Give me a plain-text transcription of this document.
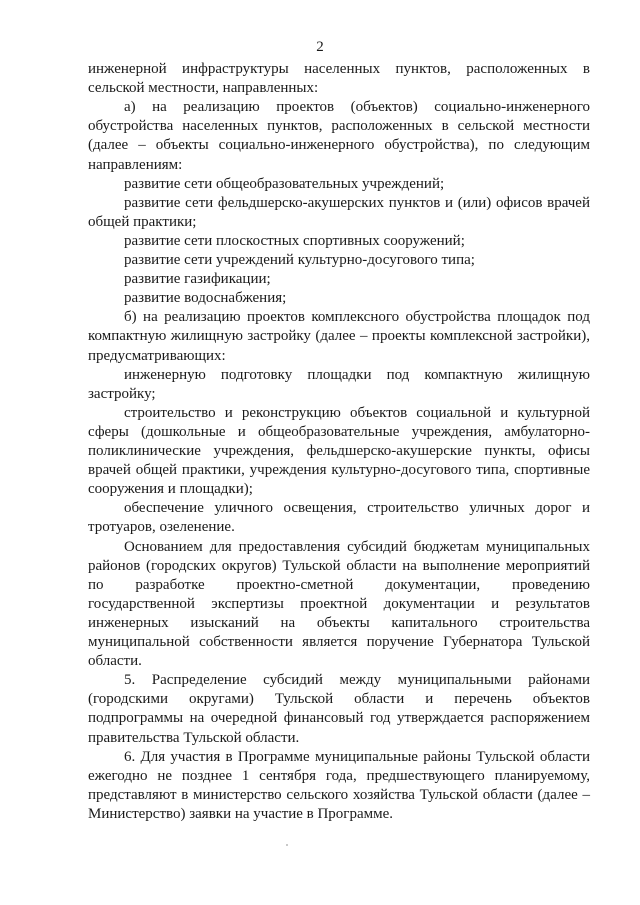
2
инженерной инфраструктуры населенных пунктов, расположенных в
сельской местности, направленных:
а) на реализацию проектов (объектов) социально-инженерного
обустройства населенных пунктов, расположенных в сельской местности
(далее – объекты социально-инженерного обустройства), по следующим
направлениям:
развитие сети общеобразовательных учреждений;
развитие сети фельдшерско-акушерских пунктов и (или) офисов врачей
общей практики;
развитие сети плоскостных спортивных сооружений;
развитие сети учреждений культурно-досугового типа;
развитие газификации;
развитие водоснабжения;
б) на реализацию проектов комплексного обустройства площадок под
компактную жилищную застройку (далее – проекты комплексной застройки),
предусматривающих:
инженерную подготовку площадки под компактную жилищную
застройку;
строительство и реконструкцию объектов социальной и культурной
сферы (дошкольные и общеобразовательные учреждения, амбулаторно-
поликлинические учреждения, фельдшерско-акушерские пункты, офисы
врачей общей практики, учреждения культурно-досугового типа, спортивные
сооружения и площадки);
обеспечение уличного освещения, строительство уличных дорог и
тротуаров, озеленение.
Основанием для предоставления субсидий бюджетам муниципальных
районов (городских округов) Тульской области на выполнение мероприятий
по разработке проектно-сметной документации, проведению
государственной экспертизы проектной документации и результатов
инженерных изысканий на объекты капитального строительства
муниципальной собственности является поручение Губернатора Тульской
области.
5. Распределение субсидий между муниципальными районами
(городскими округами) Тульской области и перечень объектов
подпрограммы на очередной финансовый год утверждается распоряжением
правительства Тульской области.
6. Для участия в Программе муниципальные районы Тульской области
ежегодно не позднее 1 сентября года, предшествующего планируемому,
представляют в министерство сельского хозяйства Тульской области (далее –
Министерство) заявки на участие в Программе.
